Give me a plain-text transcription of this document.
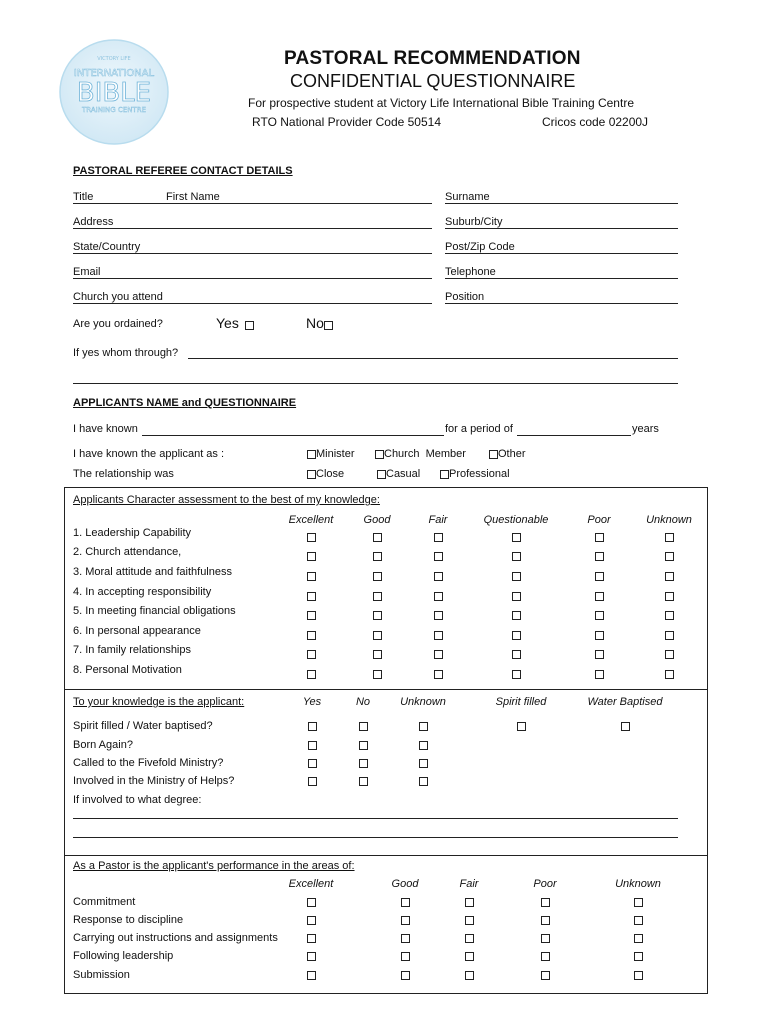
VICTORY LIFE
INTERNATIONAL
BIBLE
TRAINING CENTRE
PASTORAL RECOMMENDATION
CONFIDENTIAL QUESTIONNAIRE
For prospective student at Victory Life International Bible Training Centre
RTO National Provider Code 50514	Cricos code 02200J
PASTORAL REFEREE CONTACT DETAILS
Title	First Name	Surname
Address	Suburb/City
State/Country	Post/Zip Code
Email	Telephone
Church you attend	Position
Are you ordained?	Yes	No
If yes whom through?
APPLICANTS NAME and QUESTIONNAIRE
I have known	for a period of	years
I have known the applicant as :	Minister	Church  Member	Other
The relationship was	Close	Casual	Professional
Applicants Character assessment to the best of my knowledge:
Excellent	Good	Fair	Questionable	Poor	Unknown
1. Leadership Capability
2. Church attendance,
3. Moral attitude and faithfulness
4. In accepting responsibility
5. In meeting financial obligations
6. In personal appearance
7. In family relationships
8. Personal Motivation
To your knowledge is the applicant:	Yes	No	Unknown	Spirit filled	Water Baptised
Spirit filled / Water baptised?
Born Again?
Called to the Fivefold Ministry?
Involved in the Ministry of Helps?
If involved to what degree:
As a Pastor is the applicant's performance in the areas of:
Excellent	Good	Fair	Poor	Unknown
Commitment
Response to discipline
Carrying out instructions and assignments
Following leadership
Submission
